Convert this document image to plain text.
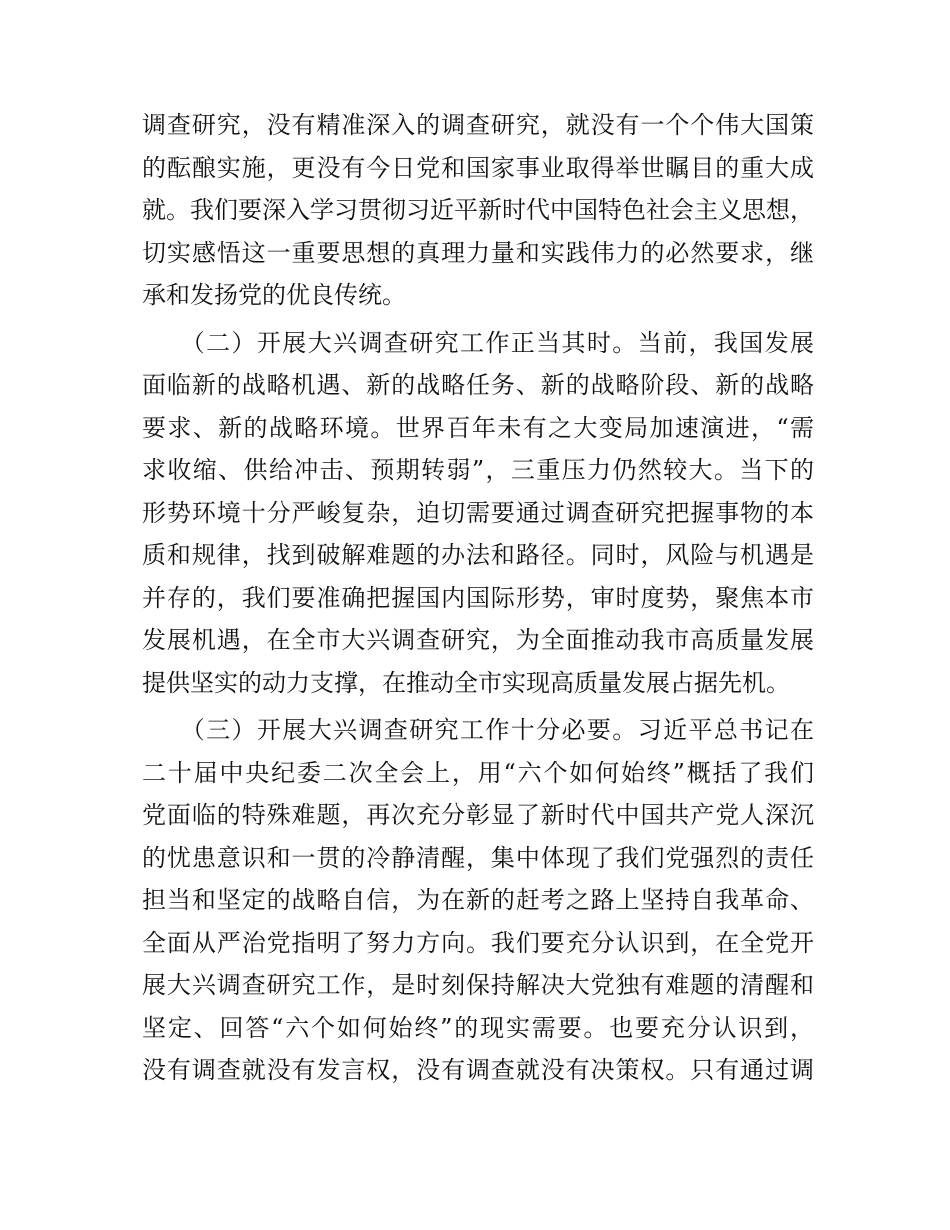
调查研究，没有精准深入的调查研究，就没有一个个伟大国策
的酝酿实施，更没有今日党和国家事业取得举世瞩目的重大成
就。我们要深入学习贯彻习近平新时代中国特色社会主义思想，
切实感悟这一重要思想的真理力量和实践伟力的必然要求，继
承和发扬党的优良传统。

　　（二）开展大兴调查研究工作正当其时。当前，我国发展
面临新的战略机遇、新的战略任务、新的战略阶段、新的战略
要求、新的战略环境。世界百年未有之大变局加速演进，“需
求收缩、供给冲击、预期转弱”，三重压力仍然较大。当下的
形势环境十分严峻复杂，迫切需要通过调查研究把握事物的本
质和规律，找到破解难题的办法和路径。同时，风险与机遇是
并存的，我们要准确把握国内国际形势，审时度势，聚焦本市
发展机遇，在全市大兴调查研究，为全面推动我市高质量发展
提供坚实的动力支撑，在推动全市实现高质量发展占据先机。

　　（三）开展大兴调查研究工作十分必要。习近平总书记在
二十届中央纪委二次全会上，用“六个如何始终”概括了我们
党面临的特殊难题，再次充分彰显了新时代中国共产党人深沉
的忧患意识和一贯的冷静清醒，集中体现了我们党强烈的责任
担当和坚定的战略自信，为在新的赶考之路上坚持自我革命、
全面从严治党指明了努力方向。我们要充分认识到，在全党开
展大兴调查研究工作，是时刻保持解决大党独有难题的清醒和
坚定、回答“六个如何始终”的现实需要。也要充分认识到，
没有调查就没有发言权，没有调查就没有决策权。只有通过调
